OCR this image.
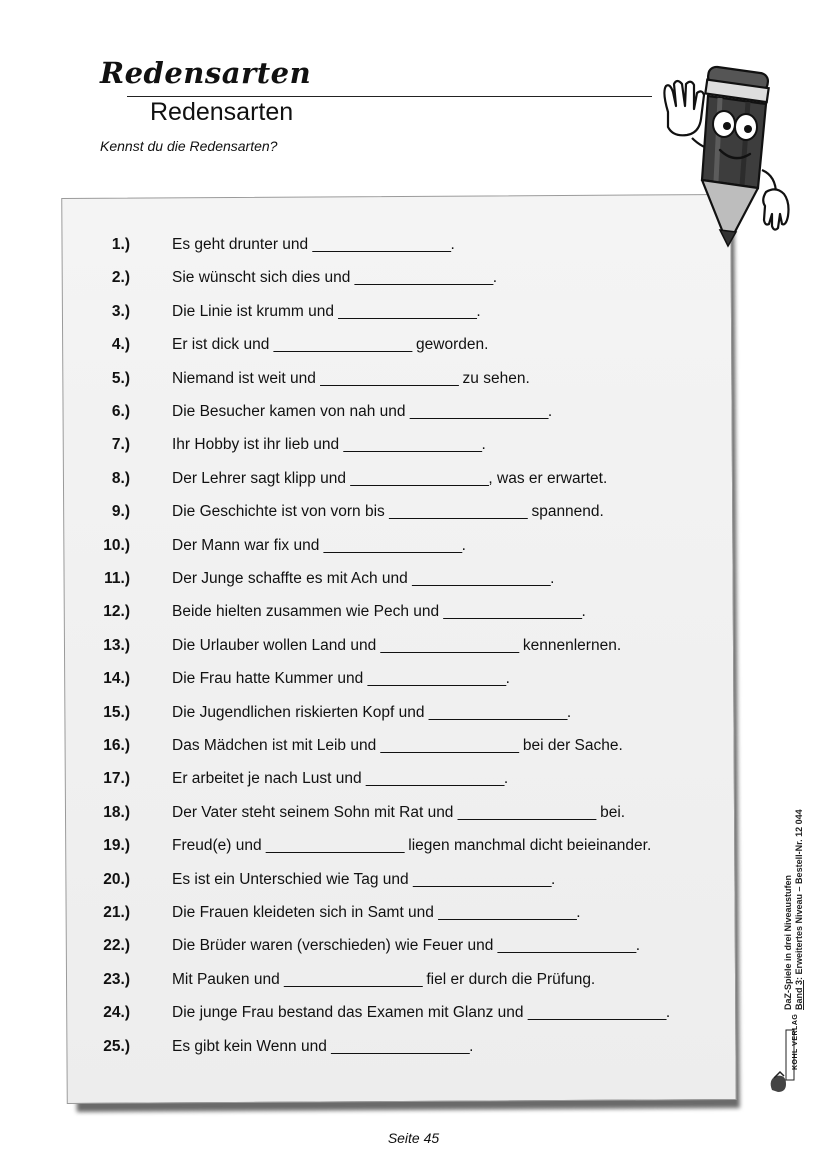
Redensarten
Redensarten
Kennst du die Redensarten?
1.)	Es geht drunter und _________________.
2.)	Sie wünscht sich dies und _________________.
3.)	Die Linie ist krumm und _________________.
4.)	Er ist dick und _________________ geworden.
5.)	Niemand ist weit und _________________ zu sehen.
6.)	Die Besucher kamen von nah und _________________.
7.)	Ihr Hobby ist ihr lieb und _________________.
8.)	Der Lehrer sagt klipp und _________________, was er erwartet.
9.)	Die Geschichte ist von vorn bis _________________ spannend.
10.)	Der Mann war fix und _________________.
11.)	Der Junge schaffte es mit Ach und _________________.
12.)	Beide hielten zusammen wie Pech und _________________.
13.)	Die Urlauber wollen Land und _________________ kennenlernen.
14.)	Die Frau hatte Kummer und _________________.
15.)	Die Jugendlichen riskierten Kopf und _________________.
16.)	Das Mädchen ist mit Leib und _________________ bei der Sache.
17.)	Er arbeitet je nach Lust und _________________.
18.)	Der Vater steht seinem Sohn mit Rat und _________________ bei.
19.)	Freud(e) und _________________ liegen manchmal dicht beieinander.
20.)	Es ist ein Unterschied wie Tag und _________________.
21.)	Die Frauen kleideten sich in Samt und _________________.
22.)	Die Brüder waren (verschieden) wie Feuer und _________________.
23.)	Mit Pauken und _________________ fiel er durch die Prüfung.
24.)	Die junge Frau bestand das Examen mit Glanz und _________________.
25.)	Es gibt kein Wenn und _________________.
Seite 45
DaZ-Spiele in drei Niveaustufen Band 3: Erweitertes Niveau – Bestell-Nr. 12 044
KOHL VERLAG
